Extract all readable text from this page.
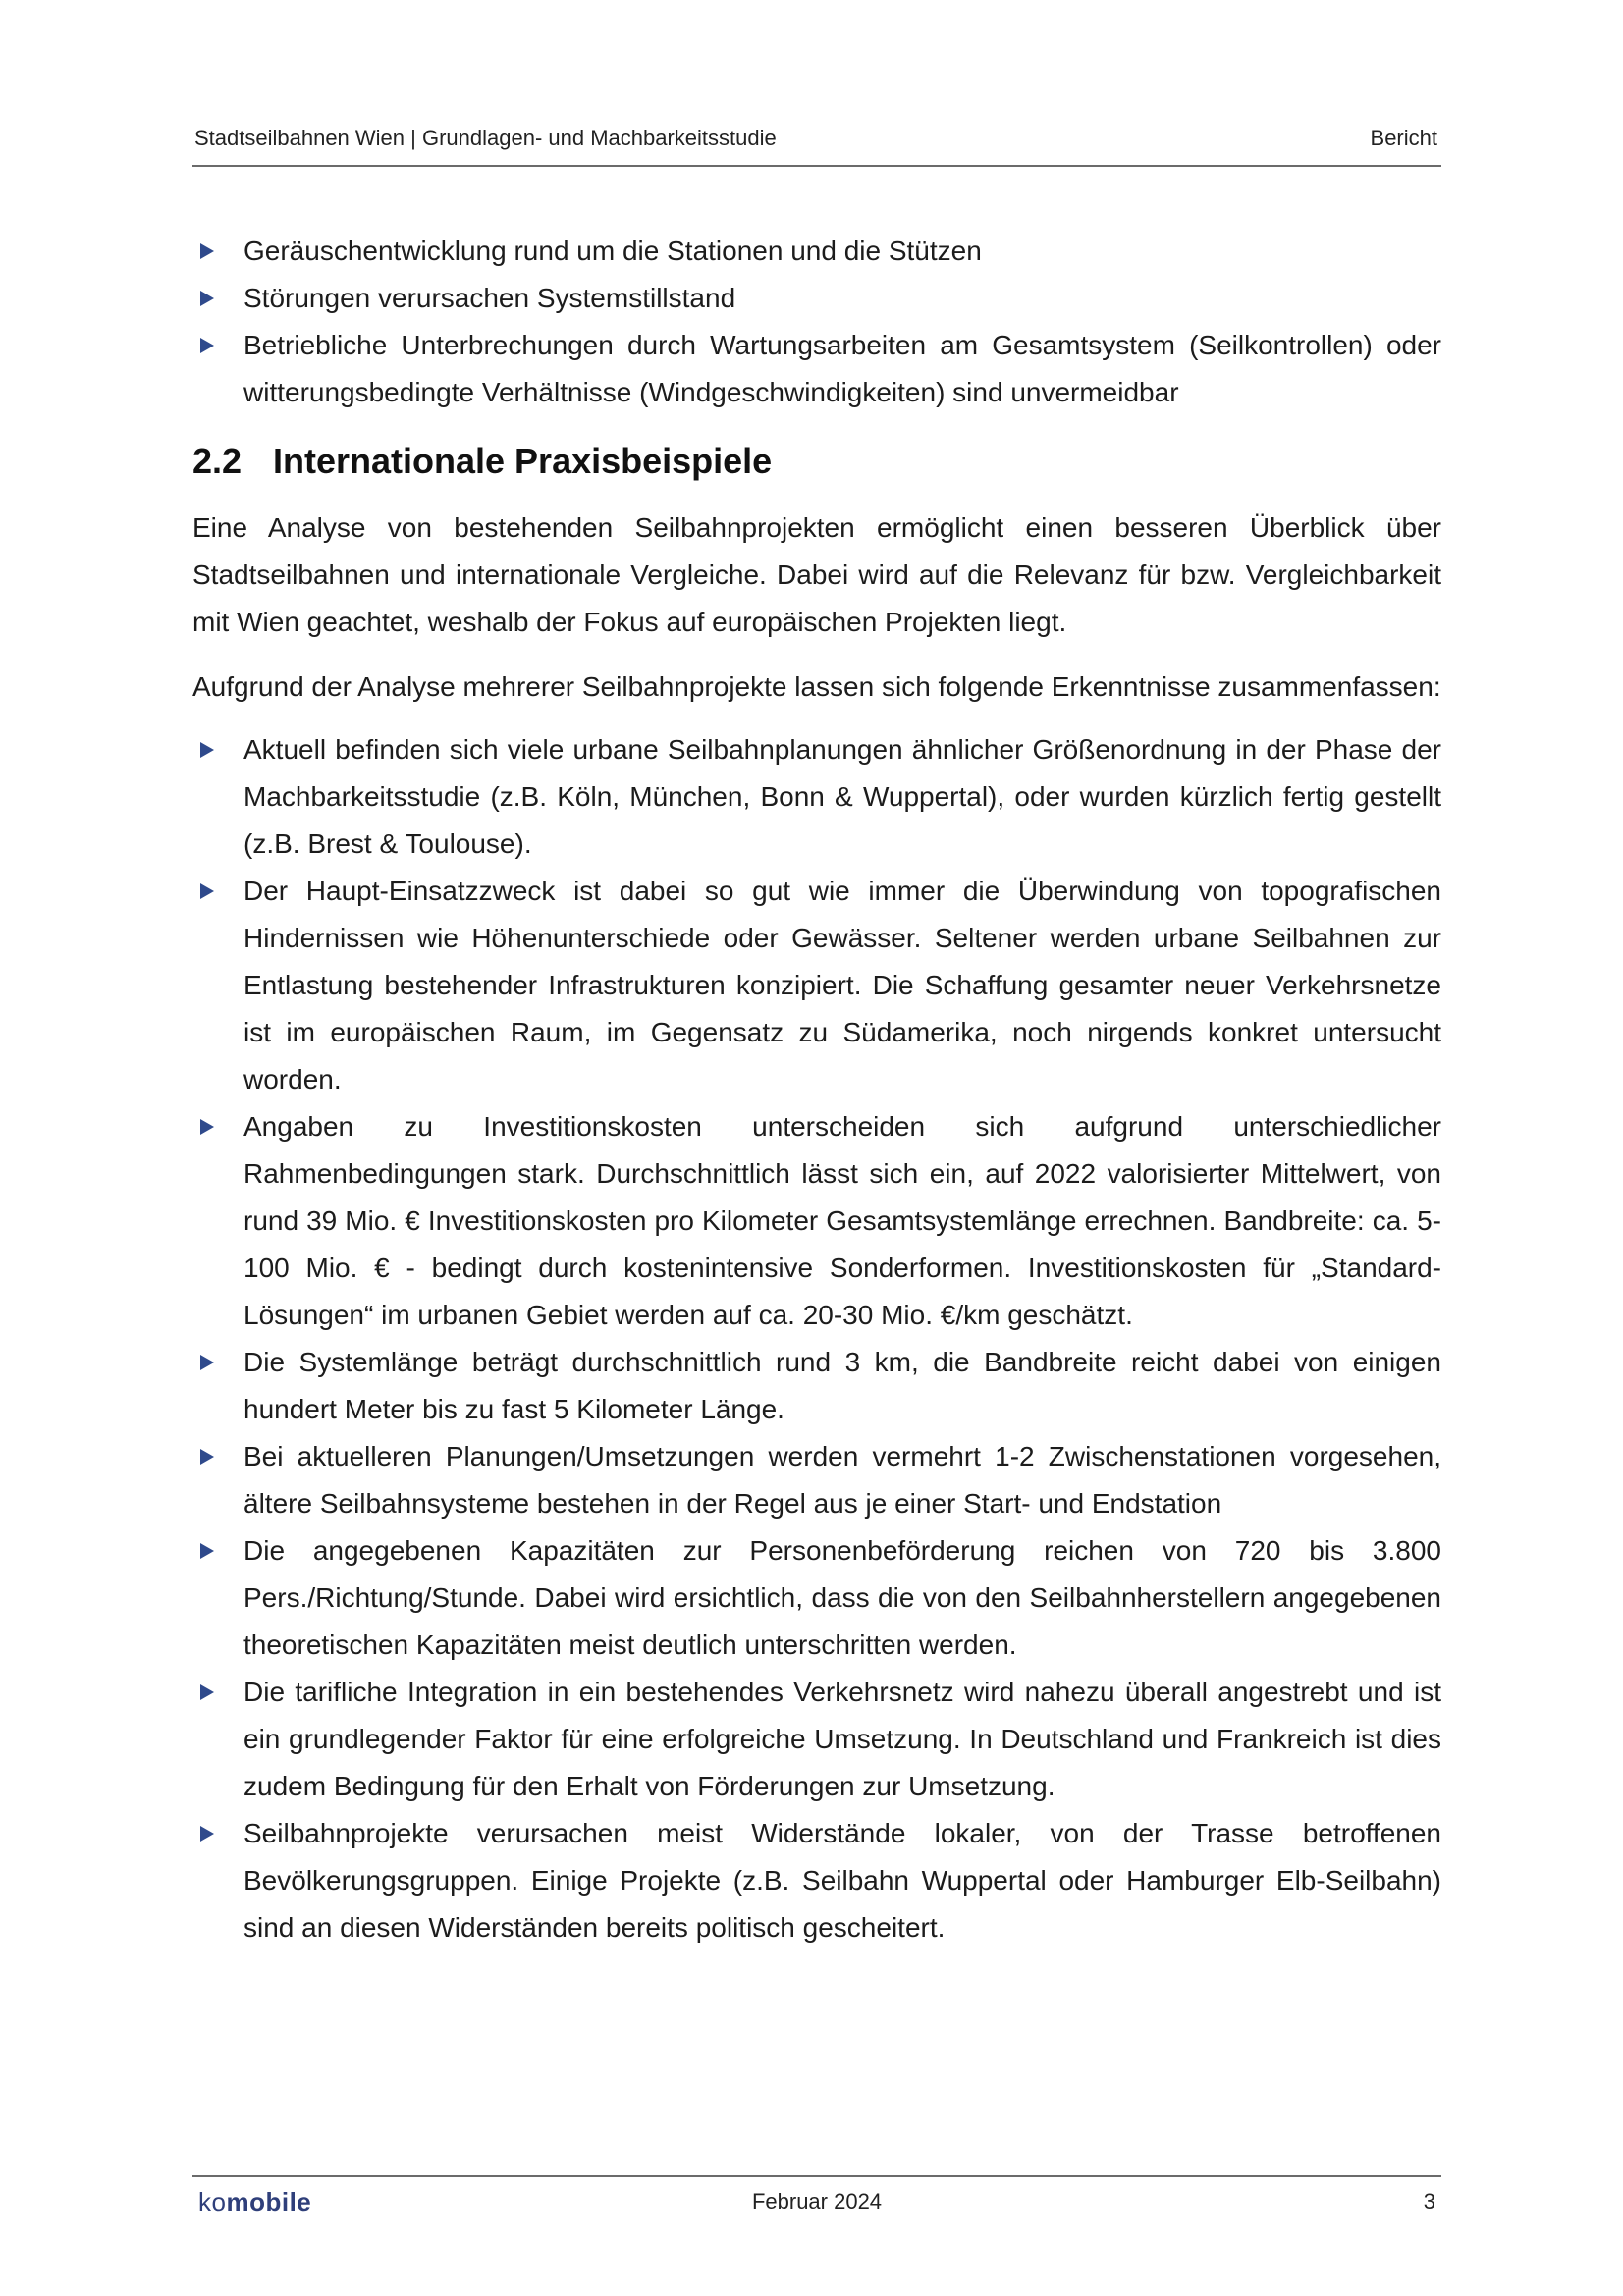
Stadtseilbahnen Wien | Grundlagen- und Machbarkeitsstudie	Bericht
Geräuschentwicklung rund um die Stationen und die Stützen
Störungen verursachen Systemstillstand
Betriebliche Unterbrechungen durch Wartungsarbeiten am Gesamtsystem (Seilkontrollen) oder witterungsbedingte Verhältnisse (Windgeschwindigkeiten) sind unvermeidbar
2.2 Internationale Praxisbeispiele

Eine Analyse von bestehenden Seilbahnprojekten ermöglicht einen besseren Überblick über Stadtseilbahnen und internationale Vergleiche. Dabei wird auf die Relevanz für bzw. Vergleichbarkeit mit Wien geachtet, weshalb der Fokus auf europäischen Projekten liegt.

Aufgrund der Analyse mehrerer Seilbahnprojekte lassen sich folgende Erkenntnisse zusammenfassen:

Aktuell befinden sich viele urbane Seilbahnplanungen ähnlicher Größenordnung in der Phase der Machbarkeitsstudie (z.B. Köln, München, Bonn & Wuppertal), oder wurden kürzlich fertig gestellt (z.B. Brest & Toulouse).
Der Haupt-Einsatzzweck ist dabei so gut wie immer die Überwindung von topografischen Hindernissen wie Höhenunterschiede oder Gewässer. Seltener werden urbane Seilbahnen zur Entlastung bestehender Infrastrukturen konzipiert. Die Schaffung gesamter neuer Verkehrsnetze ist im europäischen Raum, im Gegensatz zu Südamerika, noch nirgends konkret untersucht worden.
Angaben zu Investitionskosten unterscheiden sich aufgrund unterschiedlicher Rahmenbedingungen stark. Durchschnittlich lässt sich ein, auf 2022 valorisierter Mittelwert, von rund 39 Mio. € Investitionskosten pro Kilometer Gesamtsystemlänge errechnen. Bandbreite: ca. 5-100 Mio. € - bedingt durch kostenintensive Sonderformen. Investitionskosten für „Standard-Lösungen“ im urbanen Gebiet werden auf ca. 20-30 Mio. €/km geschätzt.
Die Systemlänge beträgt durchschnittlich rund 3 km, die Bandbreite reicht dabei von einigen hundert Meter bis zu fast 5 Kilometer Länge.
Bei aktuelleren Planungen/Umsetzungen werden vermehrt 1-2 Zwischenstationen vorgesehen, ältere Seilbahnsysteme bestehen in der Regel aus je einer Start- und Endstation
Die angegebenen Kapazitäten zur Personenbeförderung reichen von 720 bis 3.800 Pers./Richtung/Stunde. Dabei wird ersichtlich, dass die von den Seilbahnherstellern angegebenen theoretischen Kapazitäten meist deutlich unterschritten werden.
Die tarifliche Integration in ein bestehendes Verkehrsnetz wird nahezu überall angestrebt und ist ein grundlegender Faktor für eine erfolgreiche Umsetzung. In Deutschland und Frankreich ist dies zudem Bedingung für den Erhalt von Förderungen zur Umsetzung.
Seilbahnprojekte verursachen meist Widerstände lokaler, von der Trasse betroffenen Bevölkerungsgruppen. Einige Projekte (z.B. Seilbahn Wuppertal oder Hamburger Elb-Seilbahn) sind an diesen Widerständen bereits politisch gescheitert.
komobile	Februar 2024	3
